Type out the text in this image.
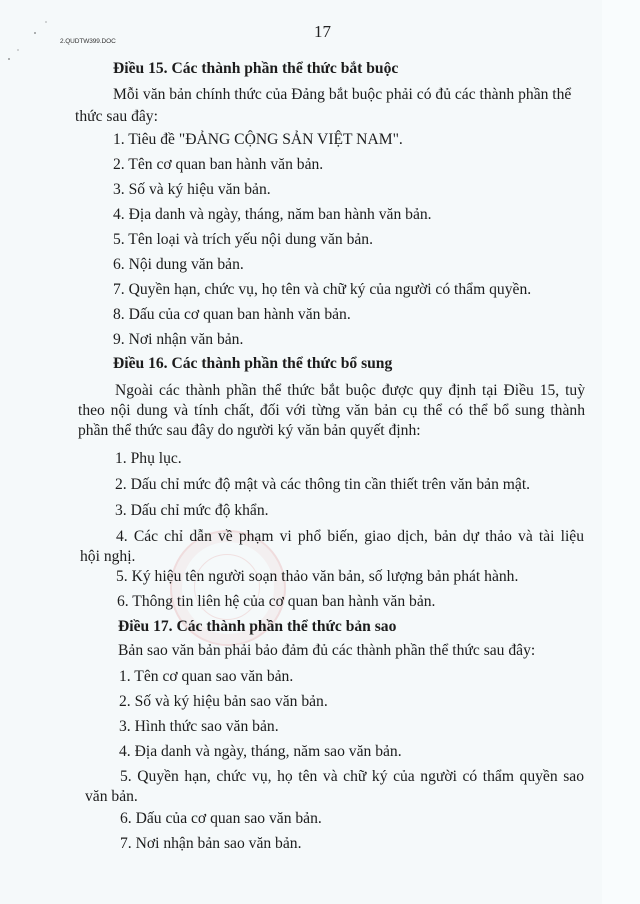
2.QUDTW399.DOC
17
Điều 15. Các thành phần thể thức bắt buộc
Mỗi văn bản chính thức của Đảng bắt buộc phải có đủ các thành phần thể
thức sau đây:
1. Tiêu đề "ĐẢNG CỘNG SẢN VIỆT NAM".
2. Tên cơ quan ban hành văn bản.
3. Số và ký hiệu văn bản.
4. Địa danh và ngày, tháng, năm ban hành văn bản.
5. Tên loại và trích yếu nội dung văn bản.
6. Nội dung văn bản.
7. Quyền hạn, chức vụ, họ tên và chữ ký của người có thẩm quyền.
8. Dấu của cơ quan ban hành văn bản.
9. Nơi nhận văn bản.
Điều 16. Các thành phần thể thức bổ sung
Ngoài các thành phần thể thức bắt buộc được quy định tại Điều 15, tuỳ
theo nội dung và tính chất, đối với từng văn bản cụ thể có thể bổ sung thành
phần thể thức sau đây do người ký văn bản quyết định:
1. Phụ lục.
2. Dấu chỉ mức độ mật và các thông tin cần thiết trên văn bản mật.
3. Dấu chỉ mức độ khẩn.
4. Các chỉ dẫn về phạm vi phổ biến, giao dịch, bản dự thảo và tài liệu
hội nghị.
5. Ký hiệu tên người soạn thảo văn bản, số lượng bản phát hành.
6. Thông tin liên hệ của cơ quan ban hành văn bản.
Điều 17. Các thành phần thể thức bản sao
Bản sao văn bản phải bảo đảm đủ các thành phần thể thức sau đây:
1. Tên cơ quan sao văn bản.
2. Số và ký hiệu bản sao văn bản.
3. Hình thức sao văn bản.
4. Địa danh và ngày, tháng, năm sao văn bản.
5. Quyền hạn, chức vụ, họ tên và chữ ký của người có thẩm quyền sao
văn bản.
6. Dấu của cơ quan sao văn bản.
7. Nơi nhận bản sao văn bản.
